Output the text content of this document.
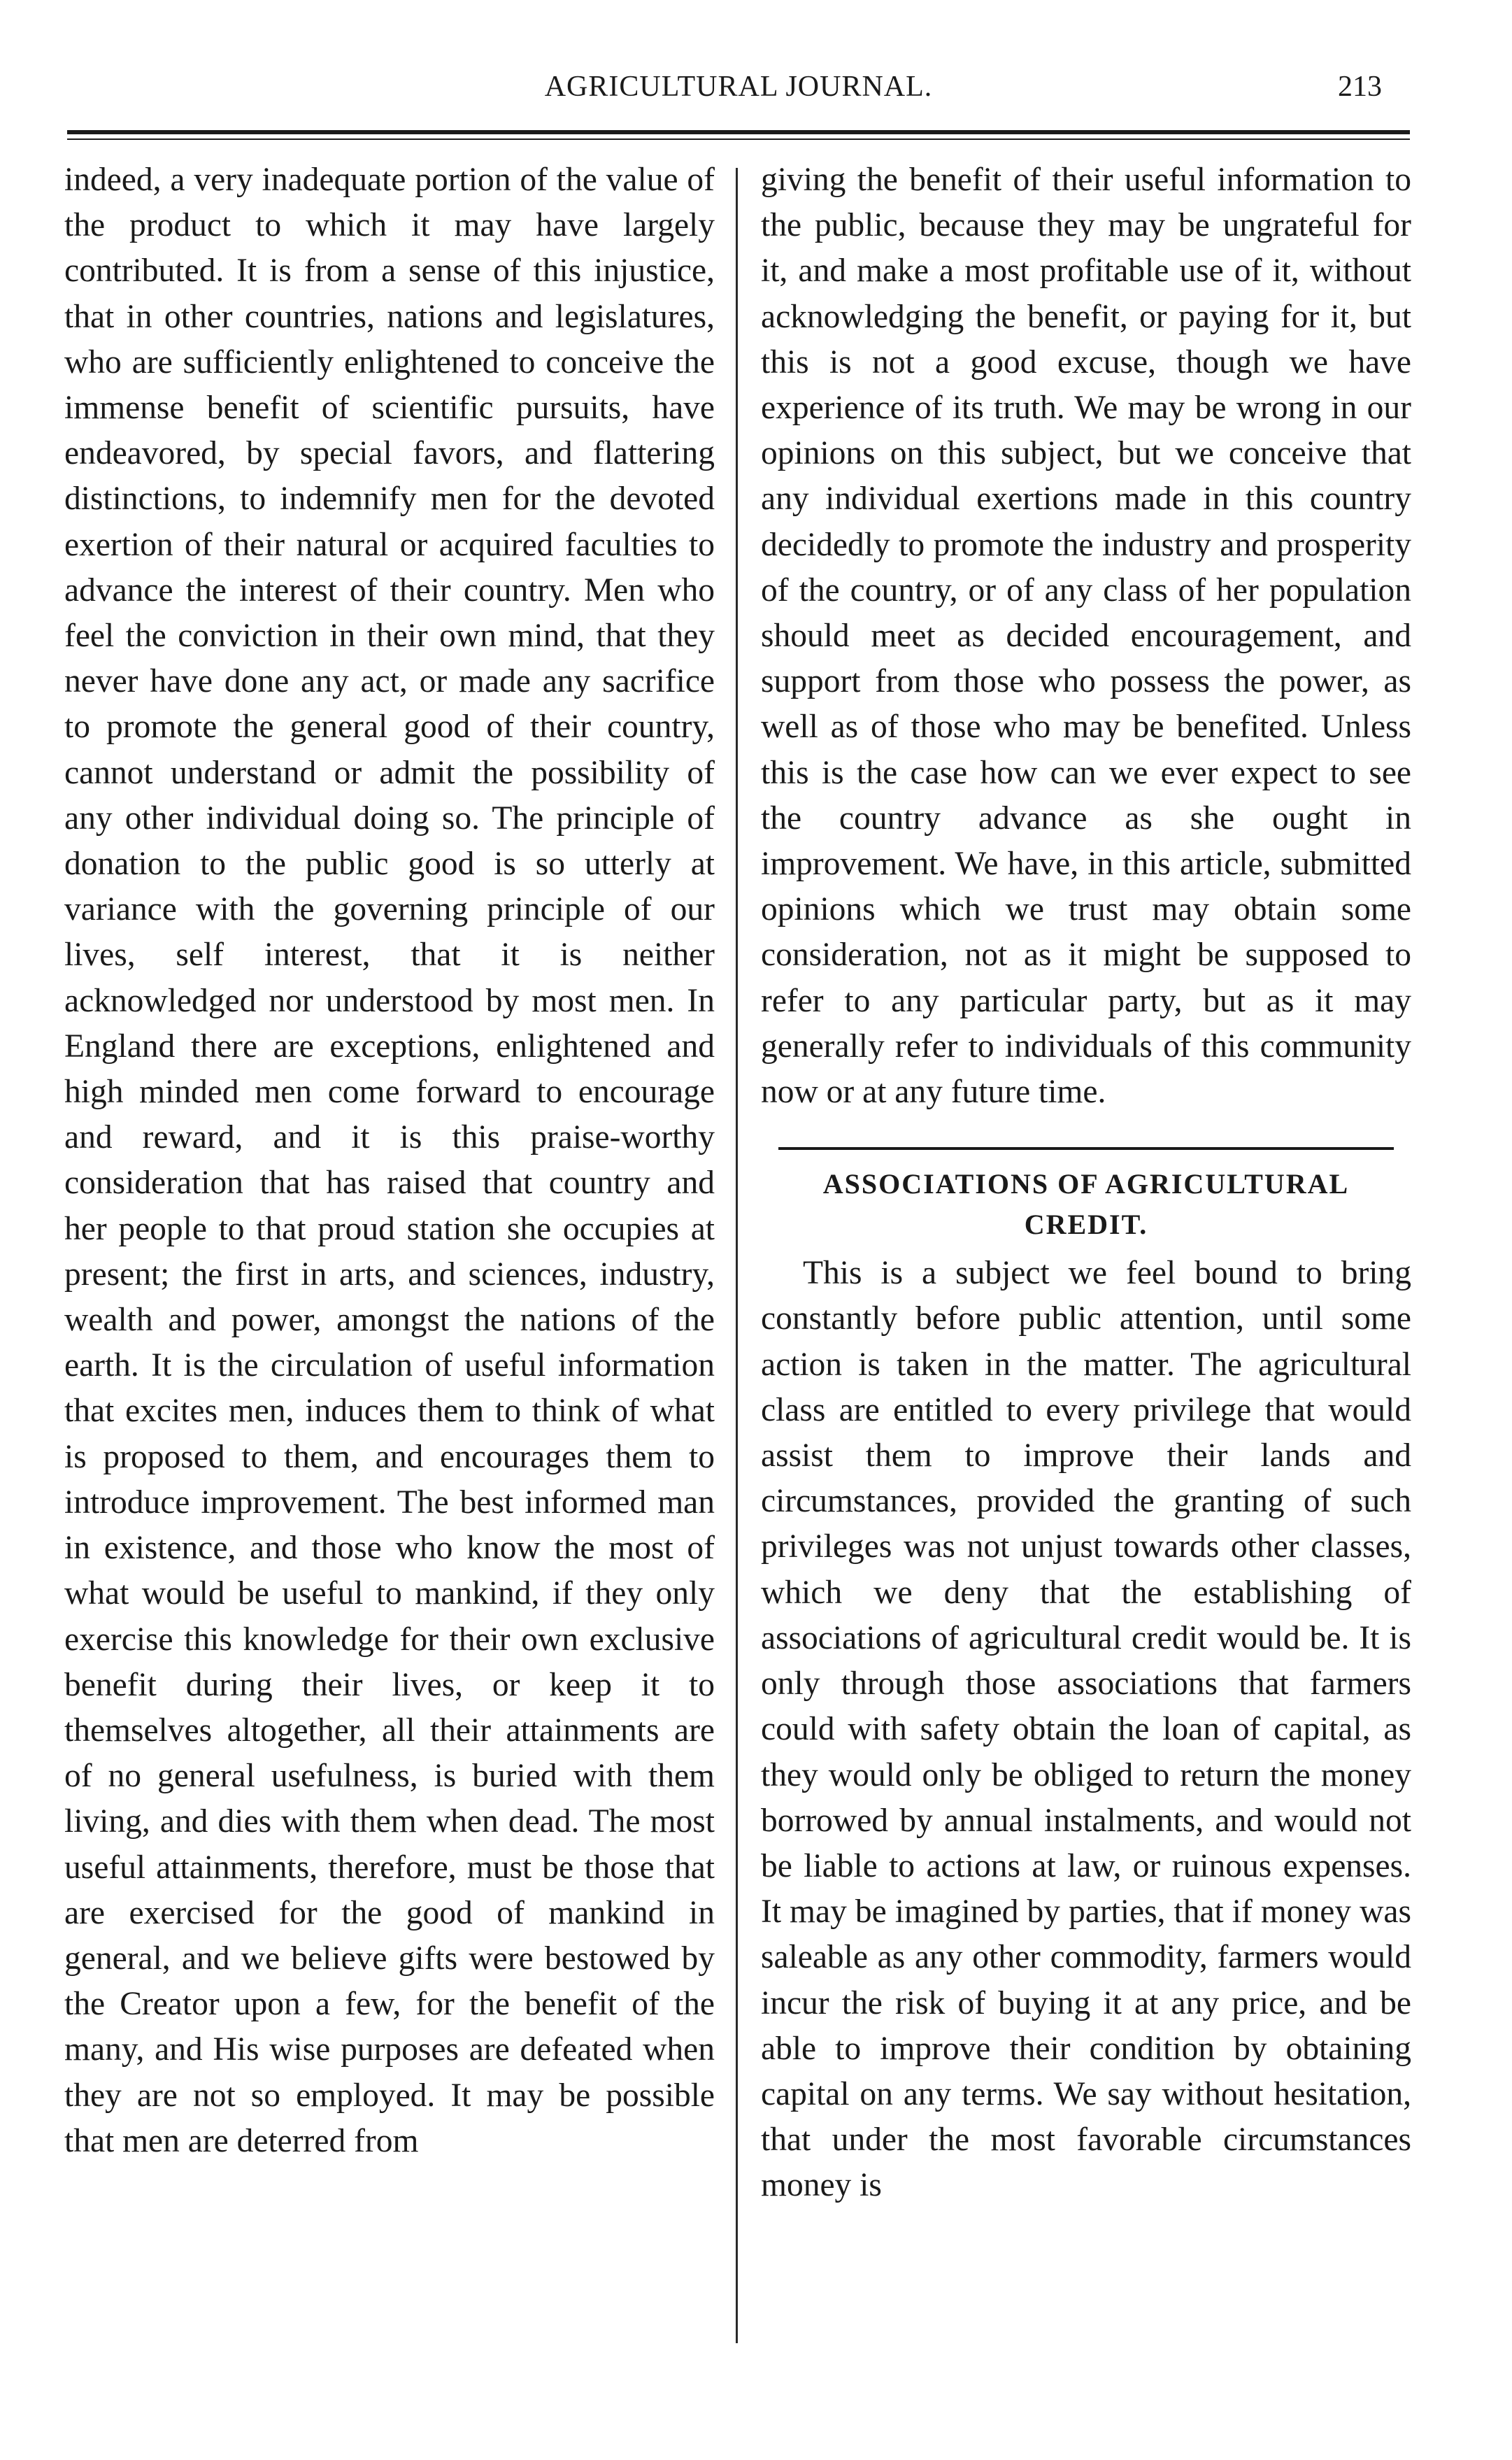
AGRICULTURAL JOURNAL.	213

indeed, a very inadequate portion of the value of the product to which it may have largely contributed. It is from a sense of this injustice, that in other countries, nations and legislatures, who are sufficiently enlightened to conceive the immense benefit of scientific pursuits, have endeavored, by special favors, and flattering distinctions, to indemnify men for the devoted exertion of their natural or acquired faculties to advance the interest of their country. Men who feel the conviction in their own mind, that they never have done any act, or made any sacrifice to promote the general good of their country, cannot understand or admit the possibility of any other individual doing so. The principle of donation to the public good is so utterly at variance with the governing principle of our lives, self interest, that it is neither acknowledged nor understood by most men. In England there are exceptions, enlightened and high minded men come forward to encourage and reward, and it is this praise-worthy consideration that has raised that country and her people to that proud station she occupies at present; the first in arts, and sciences, industry, wealth and power, amongst the nations of the earth. It is the circulation of useful information that excites men, induces them to think of what is proposed to them, and encourages them to introduce improvement. The best informed man in existence, and those who know the most of what would be useful to mankind, if they only exercise this knowledge for their own exclusive benefit during their lives, or keep it to themselves altogether, all their attainments are of no general usefulness, is buried with them living, and dies with them when dead. The most useful attainments, therefore, must be those that are exercised for the good of mankind in general, and we believe gifts were bestowed by the Creator upon a few, for the benefit of the many, and His wise purposes are defeated when they are not so employed. It may be possible that men are deterred from

giving the benefit of their useful information to the public, because they may be ungrateful for it, and make a most profitable use of it, without acknowledging the benefit, or paying for it, but this is not a good excuse, though we have experience of its truth. We may be wrong in our opinions on this subject, but we conceive that any individual exertions made in this country decidedly to promote the industry and prosperity of the country, or of any class of her population should meet as decided encouragement, and support from those who possess the power, as well as of those who may be benefited. Unless this is the case how can we ever expect to see the country advance as she ought in improvement. We have, in this article, submitted opinions which we trust may obtain some consideration, not as it might be supposed to refer to any particular party, but as it may generally refer to individuals of this community now or at any future time.

ASSOCIATIONS OF AGRICULTURAL CREDIT.

This is a subject we feel bound to bring constantly before public attention, until some action is taken in the matter. The agricultural class are entitled to every privilege that would assist them to improve their lands and circumstances, provided the granting of such privileges was not unjust towards other classes, which we deny that the establishing of associations of agricultural credit would be. It is only through those associations that farmers could with safety obtain the loan of capital, as they would only be obliged to return the money borrowed by annual instalments, and would not be liable to actions at law, or ruinous expenses. It may be imagined by parties, that if money was saleable as any other commodity, farmers would incur the risk of buying it at any price, and be able to improve their condition by obtaining capital on any terms. We say without hesitation, that under the most favorable circumstances money is
